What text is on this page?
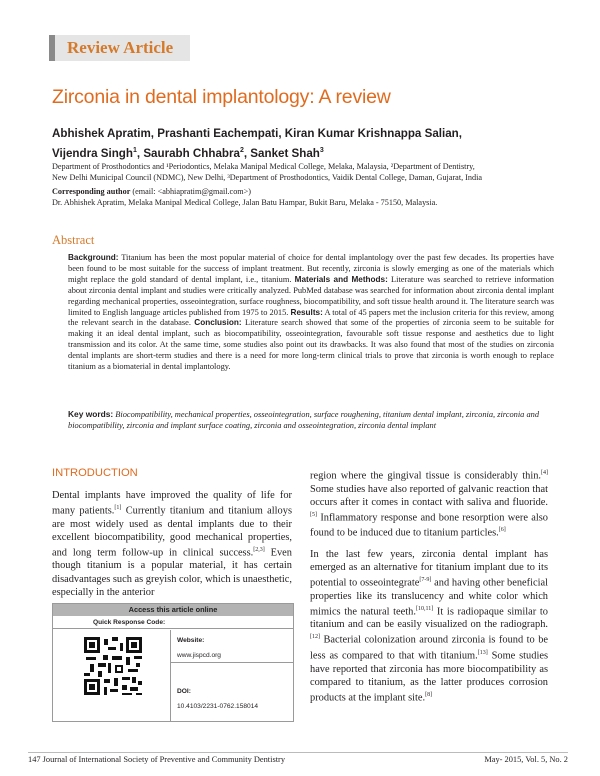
Review Article
Zirconia in dental implantology: A review
Abhishek Apratim, Prashanti Eachempati, Kiran Kumar Krishnappa Salian,
Vijendra Singh$^1$, Saurabh Chhabra$^2$, Sanket Shah$^3$
Department of Prosthodontics and ¹Periodontics, Melaka Manipal Medical College, Melaka, Malaysia, ²Department of Dentistry,
New Delhi Municipal Council (NDMC), New Delhi, ³Department of Prosthodontics, Vaidik Dental College, Daman, Gujarat, India
Corresponding author (email: <abhiapratim@gmail.com>)
Dr. Abhishek Apratim, Melaka Manipal Medical College, Jalan Batu Hampar, Bukit Baru, Melaka - 75150, Malaysia.
Abstract
Background: Titanium has been the most popular material of choice for dental implantology over the past few decades. Its properties have been found to be most suitable for the success of implant treatment. But recently, zirconia is slowly emerging as one of the materials which might replace the gold standard of dental implant, i.e., titanium. Materials and Methods: Literature was searched to retrieve information about zirconia dental implant and studies were critically analyzed. PubMed database was searched for information about zirconia dental implant regarding mechanical properties, osseointegration, surface roughness, biocompatibility, and soft tissue health around it. The literature search was limited to English language articles published from 1975 to 2015. Results: A total of 45 papers met the inclusion criteria for this review, among the relevant search in the database. Conclusion: Literature search showed that some of the properties of zirconia seem to be suitable for making it an ideal dental implant, such as biocompatibility, osseointegration, favourable soft tissue response and aesthetics due to light transmission and its color. At the same time, some studies also point out its drawbacks. It was also found that most of the studies on zirconia dental implants are short-term studies and there is a need for more long-term clinical trials to prove that zirconia is worth enough to replace titanium as a biomaterial in dental implantology.
Key words: Biocompatibility, mechanical properties, osseointegration, surface roughening, titanium dental implant, zirconia, zirconia and biocompatibility, zirconia and implant surface coating, zirconia and osseointegration, zirconia dental implant
INTRODUCTION

Dental implants have improved the quality of life for many patients.[1] Currently titanium and titanium alloys are most widely used as dental implants due to their excellent biocompatibility, good mechanical properties, and long term follow-up in clinical success.[2,3] Even though titanium is a popular material, it has certain disadvantages such as greyish color, which is unaesthetic, especially in the anterior

region where the gingival tissue is considerably thin.[4] Some studies have also reported of galvanic reaction that occurs after it comes in contact with saliva and fluoride.[5] Inflammatory response and bone resorption were also found to be induced due to titanium particles.[6]

In the last few years, zirconia dental implant has emerged as an alternative for titanium implant due to its potential to osseointegrate[7-9] and having other beneficial properties like its translucency and white color which mimics the natural teeth.[10,11] It is radiopaque similar to titanium and can be easily visualized on the radiograph.[12] Bacterial colonization around zirconia is found to be less as compared to that with titanium.[13] Some studies have reported that zirconia has more biocompatibility as compared to titanium, as the latter produces corrosion products at the implant site.[8]

Access this article online
Quick Response Code:
Website:
www.jispcd.org
DOI:
10.4103/2231-0762.158014
147 Journal of International Society of Preventive and Community Dentistry	May- 2015, Vol. 5, No. 2
